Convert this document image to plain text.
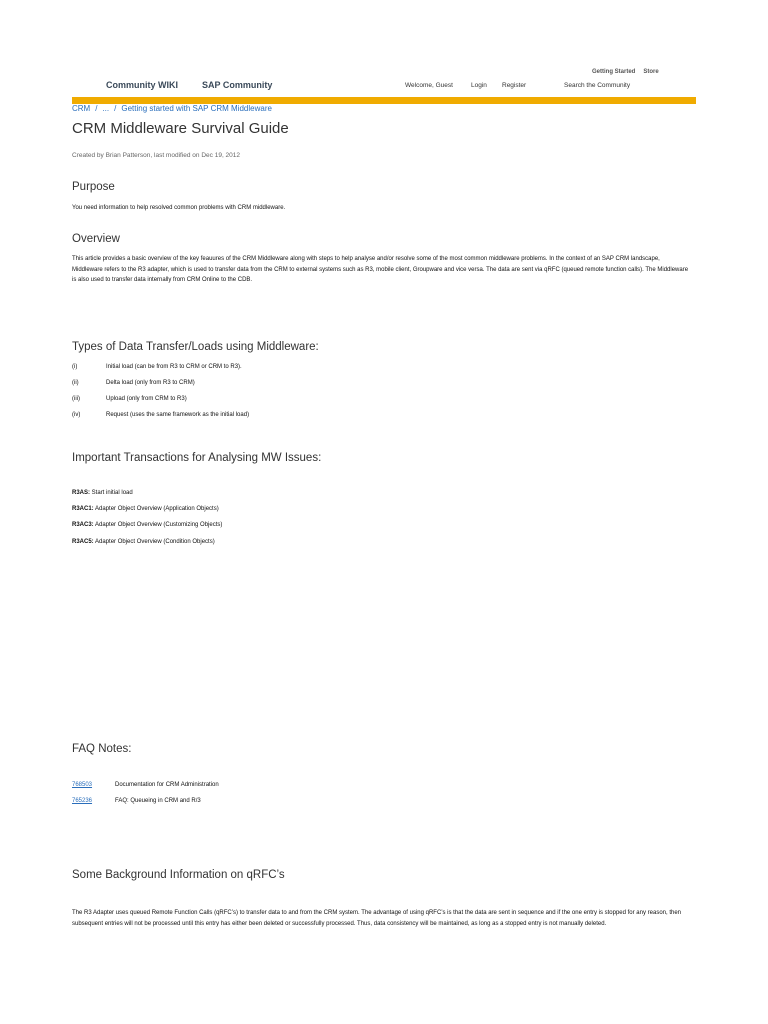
Getting Started Store
Community WIKI	SAP Community	Welcome, Guest	Login	Register	Search the Community
CRM / ... / Getting started with SAP CRM Middleware
CRM Middleware Survival Guide
Created by Brian Patterson, last modified on Dec 19, 2012
Purpose
You need information to help resolved common problems with CRM middleware.
Overview
This article provides a basic overview of the key feauures of the CRM Middleware along with steps to help analyse and/or resolve some of the most common middleware problems. In the context of an SAP CRM landscape, Middleware refers to the R3 adapter, which is used to transfer data from the CRM to external systems such as R3, mobile client, Groupware and vice versa. The data are sent via qRFC (queued remote function calls). The Middleware is also used to transfer data internally from CRM Online to the CDB.
Types of Data Transfer/Loads using Middleware:
(i)	Initial load (can be from R3 to CRM or CRM to R3).
(ii)	Delta load (only from R3 to CRM)
(iii)	Upload (only from CRM to R3)
(iv)	Request (uses the same framework as the initial load)
Important Transactions for Analysing MW Issues:
R3AS: Start initial load
R3AC1: Adapter Object Overview (Application Objects)
R3AC3: Adapter Object Overview (Customizing Objects)
R3AC5: Adapter Object Overview (Condition Objects)
FAQ Notes:
768503	Documentation for CRM Administration
765236	FAQ: Queueing in CRM and R/3
Some Background Information on qRFC’s
The R3 Adapter uses queued Remote Function Calls (qRFC’s) to transfer data to and from the CRM system. The advantage of using qRFC’s is that the data are sent in sequence and if the one entry is stopped for any reason, then subsequent entries will not be processed until this entry has either been deleted or successfully processed. Thus, data consistency will be maintained, as long as a stopped entry is not manually deleted.
